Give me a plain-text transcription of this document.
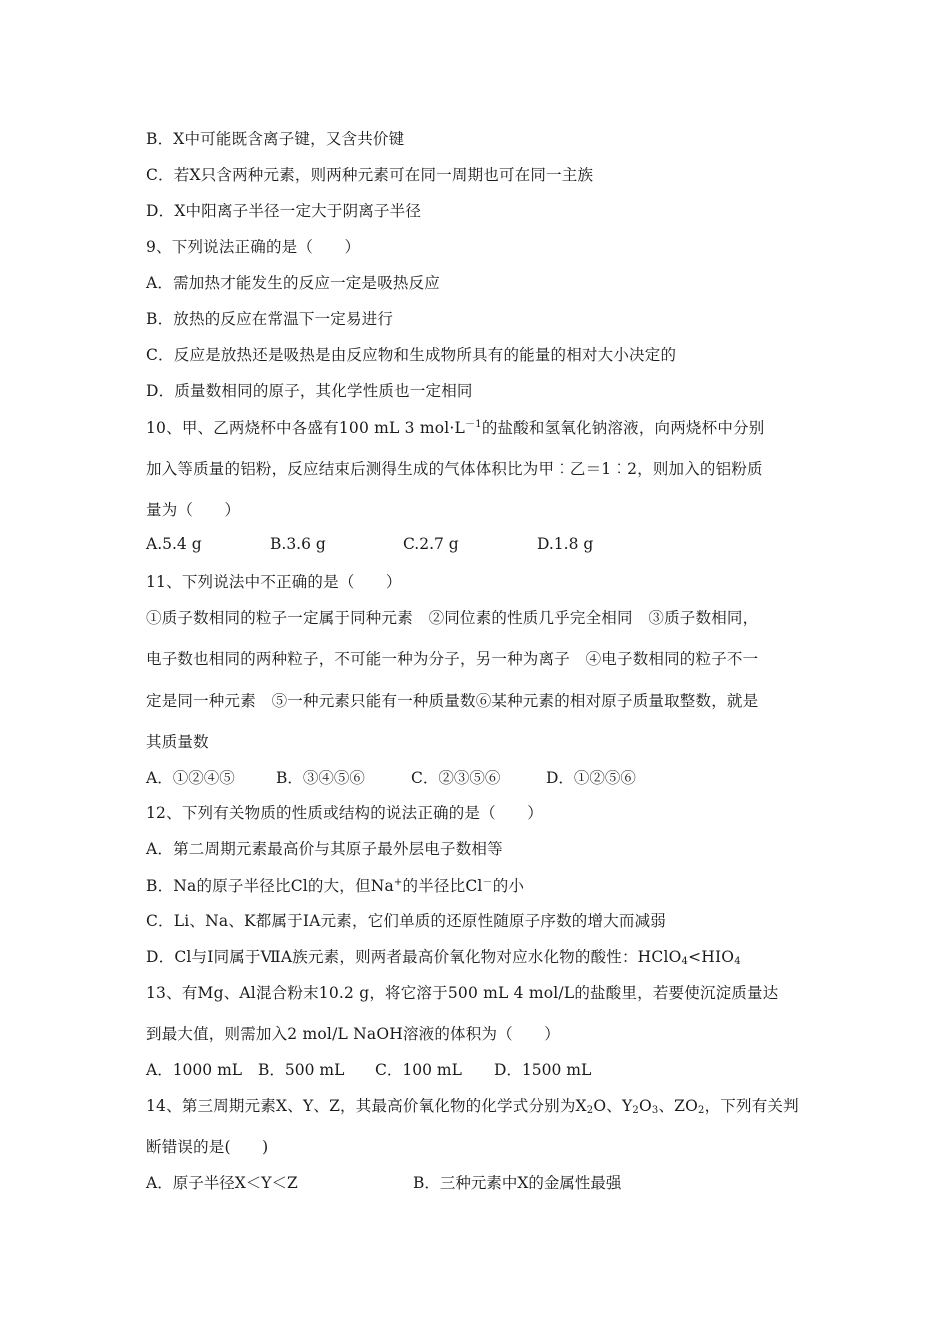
B．X中可能既含离子键，又含共价键
C．若X只含两种元素，则两种元素可在同一周期也可在同一主族
D．X中阳离子半径一定大于阴离子半径
9、下列说法正确的是（　　）
A．需加热才能发生的反应一定是吸热反应
B．放热的反应在常温下一定易进行
C．反应是放热还是吸热是由反应物和生成物所具有的能量的相对大小决定的
D．质量数相同的原子，其化学性质也一定相同
10、甲、乙两烧杯中各盛有100 mL 3 $mol\cdot L^{-1}$的盐酸和氢氧化钠溶液，向两烧杯中分别
加入等质量的铝粉，反应结束后测得生成的气体体积比为甲︰乙＝1︰2，则加入的铝粉质
量为（　　）
A.5.4 g	B.3.6 g	C.2.7 g	D.1.8 g
11、下列说法中不正确的是（　　）
①质子数相同的粒子一定属于同种元素　②同位素的性质几乎完全相同　③质子数相同，
电子数也相同的两种粒子，不可能一种为分子，另一种为离子　④电子数相同的粒子不一
定是同一种元素　⑤一种元素只能有一种质量数⑥某种元素的相对原子质量取整数，就是
其质量数
A．①②④⑤	B．③④⑤⑥	C．②③⑤⑥	D．①②⑤⑥
12、下列有关物质的性质或结构的说法正确的是（　　）
A．第二周期元素最高价与其原子最外层电子数相等
B．Na的原子半径比Cl的大，但Na+的半径比Cl－的小
C．Li、Na、K都属于IA元素，它们单质的还原性随原子序数的增大而减弱
D．Cl与I同属于ⅦA族元素，则两者最高价氧化物对应水化物的酸性：$HClO_4<HIO_4$
13、有Mg、Al混合粉末10.2 g，将它溶于500 mL 4 mol/L的盐酸里，若要使沉淀质量达
到最大值，则需加入2 mol/L NaOH溶液的体积为（　　）
A．1000 mL B．500 mL C．100 mL D．1500 mL
14、第三周期元素X、Y、Z，其最高价氧化物的化学式分别为$X_2O$、$Y_2O_3$、$ZO_2$，下列有关判
断错误的是(　　)
A．原子半径X＜Y＜Z	B．三种元素中X的金属性最强
